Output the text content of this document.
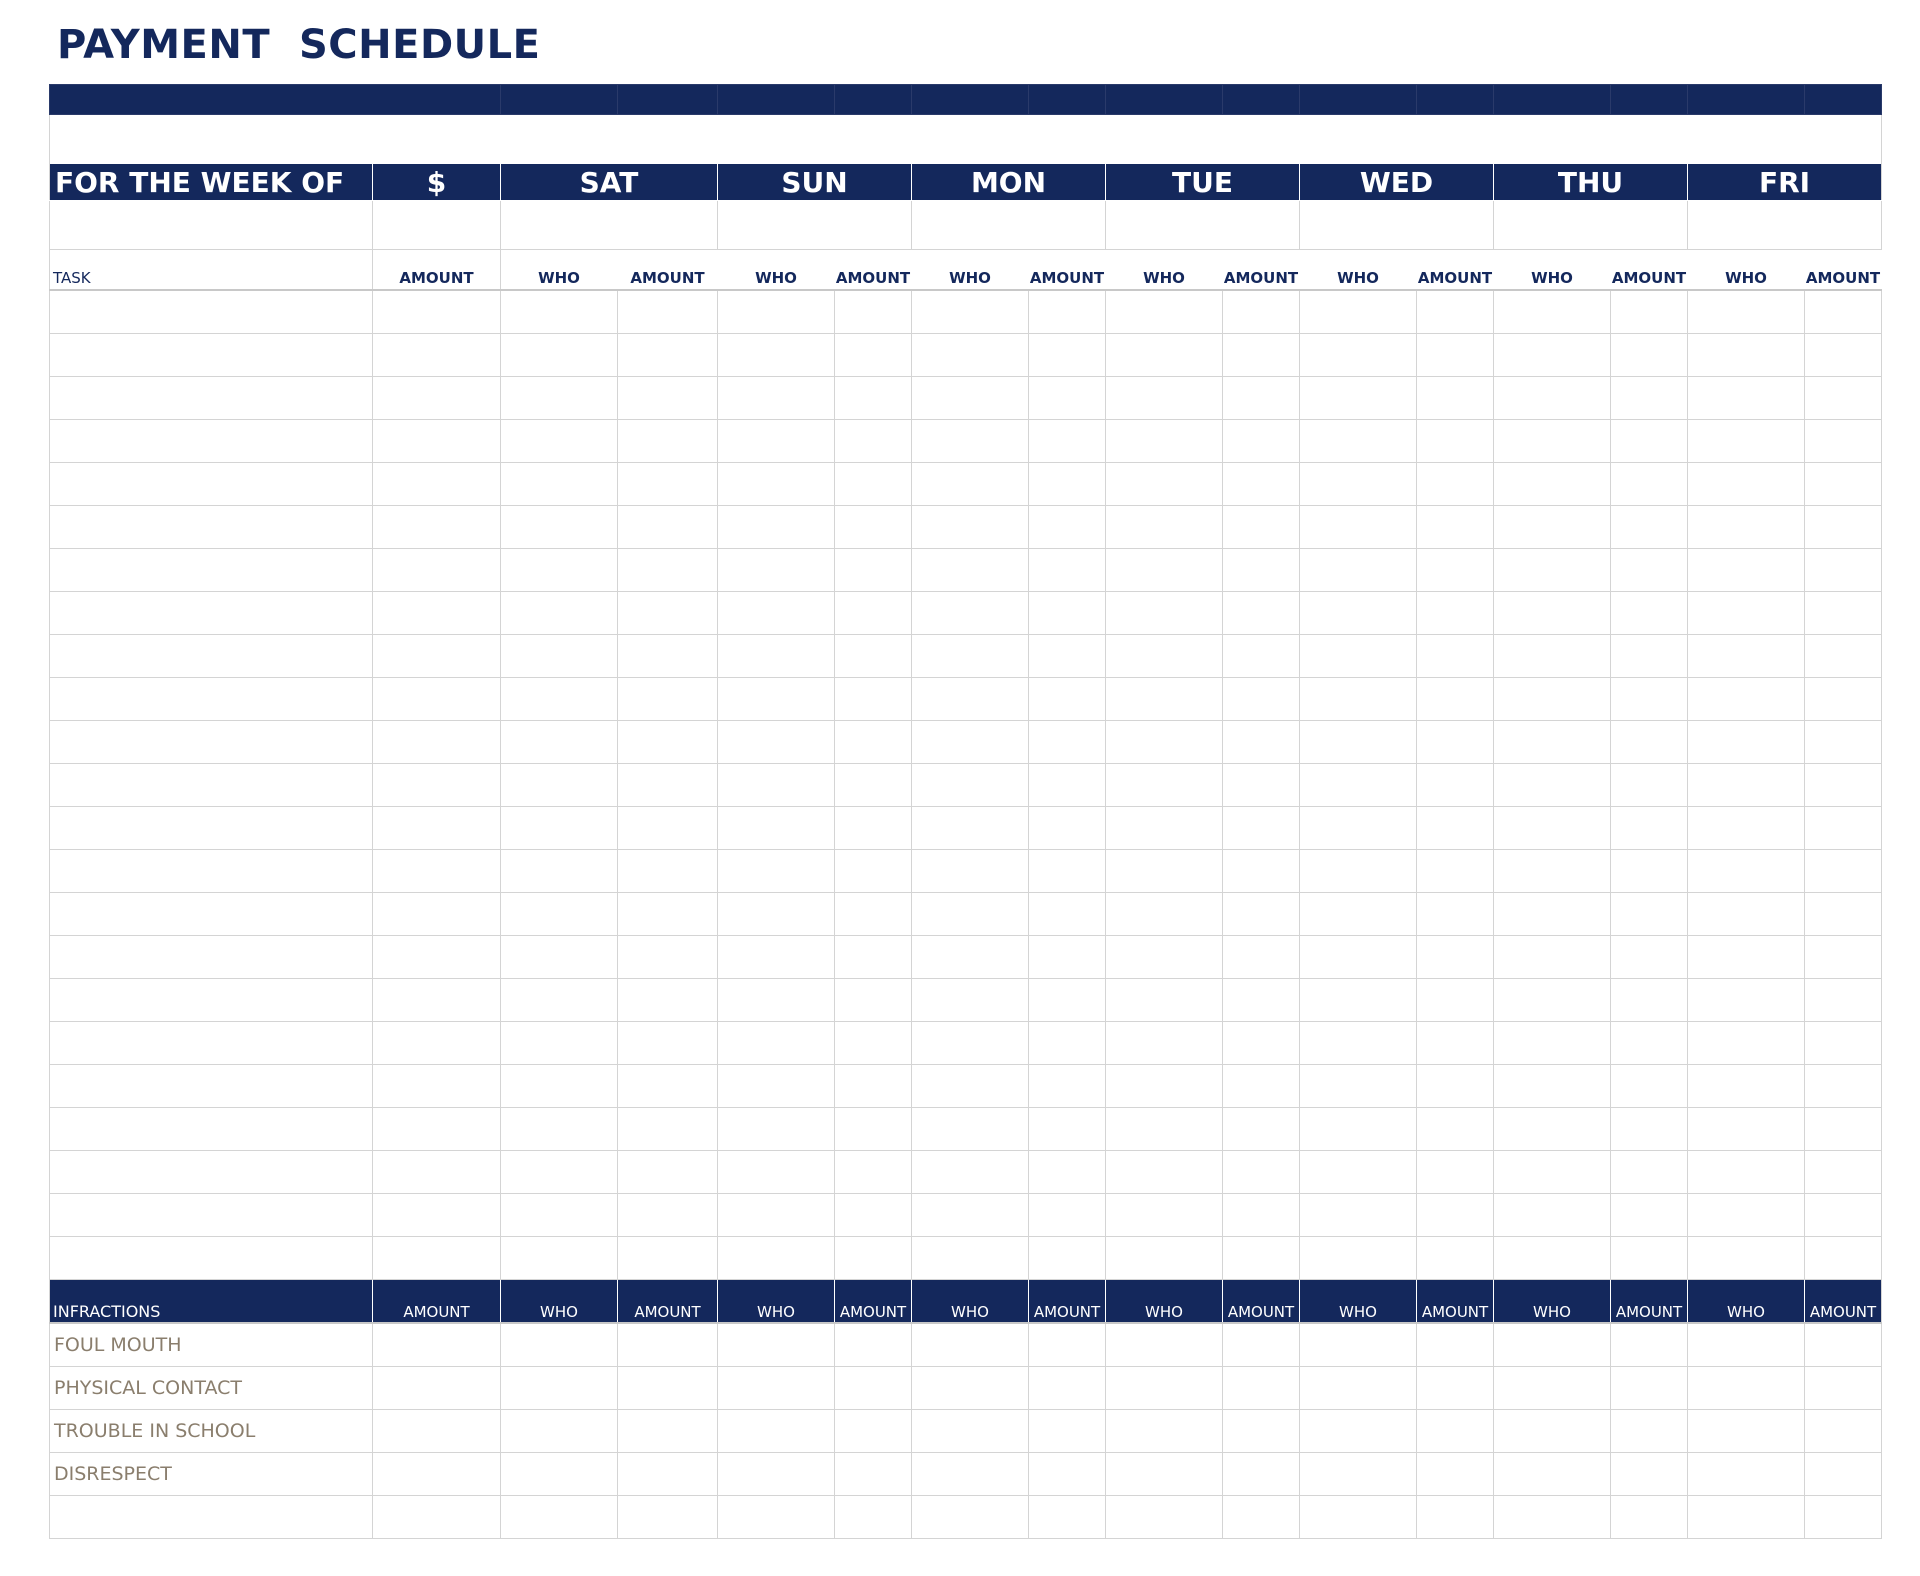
PAYMENT  SCHEDULE

FOR THE WEEK OF	$	SAT		SUN		MON		TUE		WED		THU		FRI	

TASK	AMOUNT	WHO	AMOUNT	WHO	AMOUNT	WHO	AMOUNT	WHO	AMOUNT	WHO	AMOUNT	WHO	AMOUNT	WHO	AMOUNT

INFRACTIONS	AMOUNT	WHO	AMOUNT	WHO	AMOUNT	WHO	AMOUNT	WHO	AMOUNT	WHO	AMOUNT	WHO	AMOUNT	WHO	AMOUNT
FOUL MOUTH															
PHYSICAL CONTACT															
TROUBLE IN SCHOOL															
DISRESPECT															
